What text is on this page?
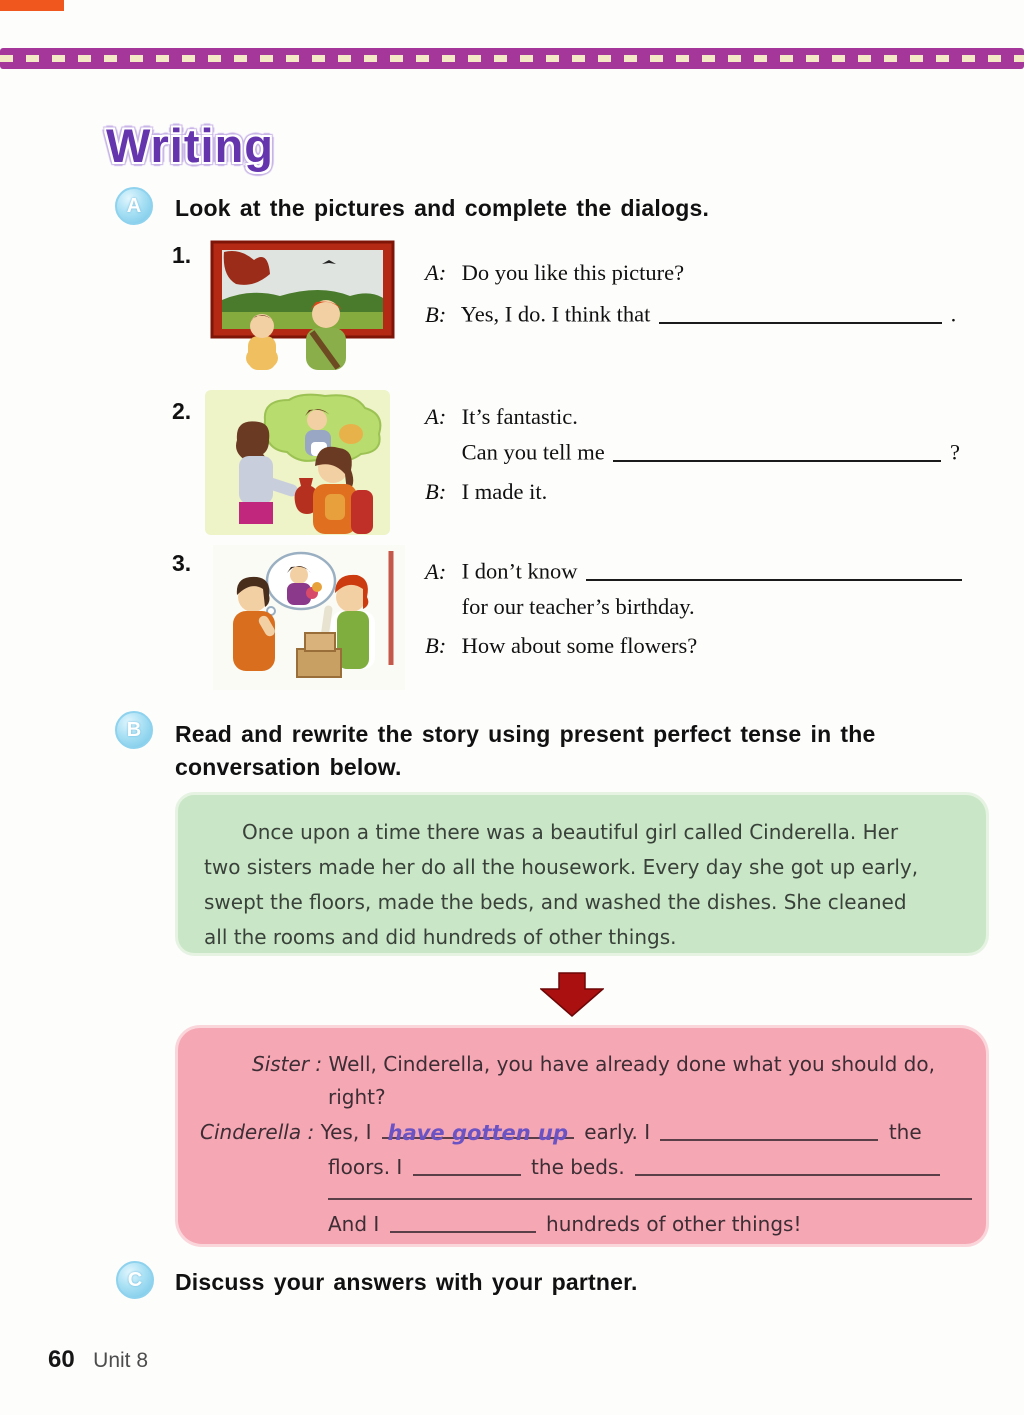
Writing
A Look at the pictures and complete the dialogs.
1.
A: Do you like this picture?
B: Yes, I do. I think that	.
2.	A: It’s fantastic.
Can you tell me	?
B: I made it.
3.	A: I don’t know
for our teacher’s birthday.
B: How about some flowers?
B Read and rewrite the story using present perfect tense in the
conversation below.
Once upon a time there was a beautiful girl called Cinderella. Her
two sisters made her do all the housework. Every day she got up early,
swept the floors, made the beds, and washed the dishes. She cleaned
all the rooms and did hundreds of other things.
Sister : Well, Cinderella, you have already done what you should do,
right?
Cinderella : Yes, I have gotten up early. I	the
floors. I	the beds.
And I	hundreds of other things!
C Discuss your answers with your partner.
60 Unit 8
